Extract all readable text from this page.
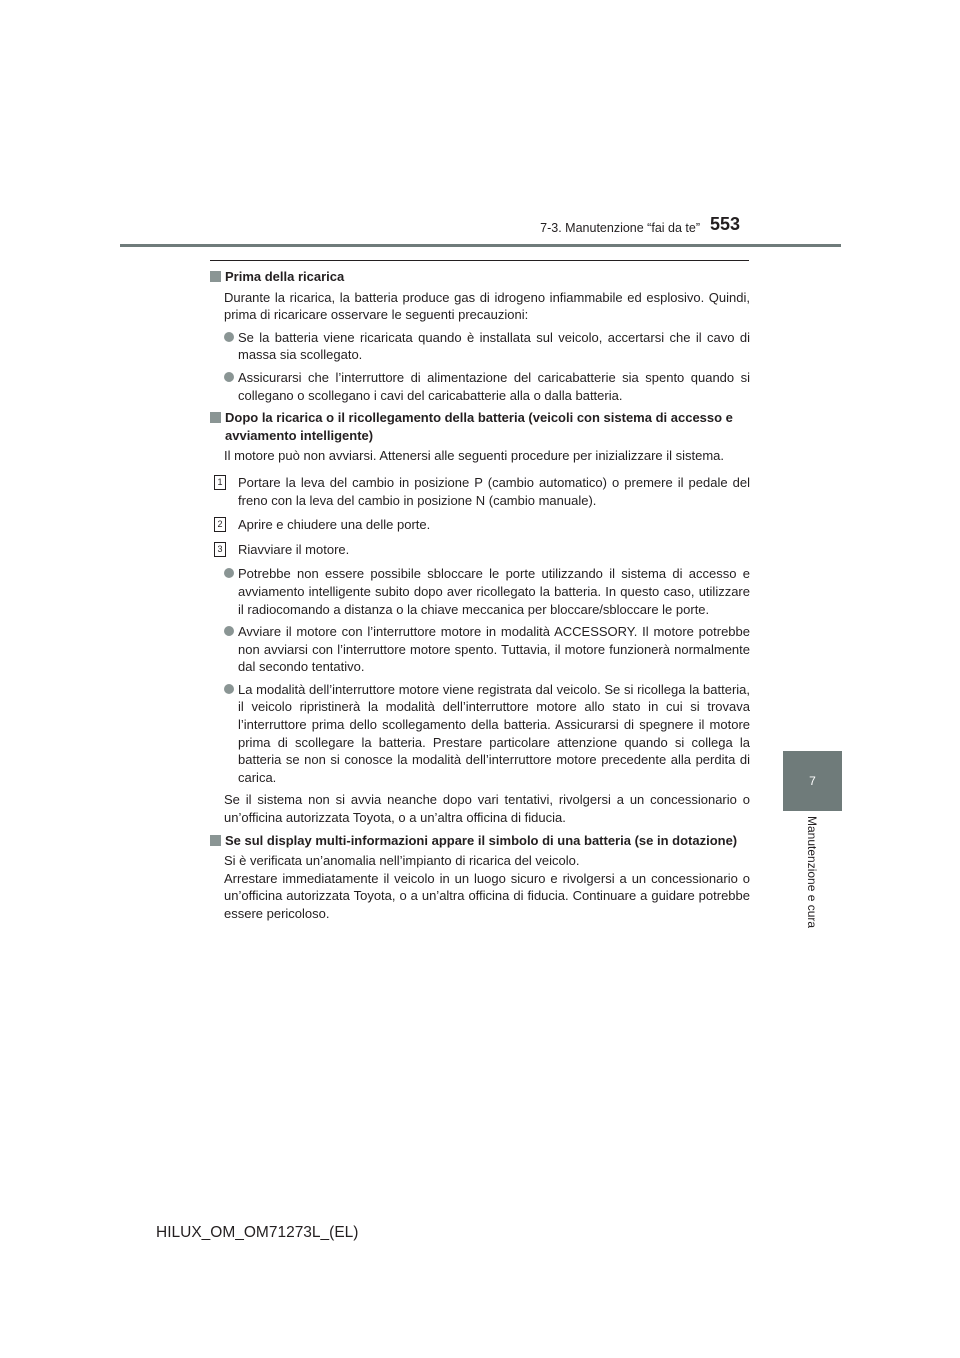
7-3. Manutenzione “fai da te” 553
7
Manutenzione e cura
Prima della ricarica
Durante la ricarica, la batteria produce gas di idrogeno infiammabile ed esplosivo. Quindi, prima di ricaricare osservare le seguenti precauzioni:
Se la batteria viene ricaricata quando è installata sul veicolo, accertarsi che il cavo di massa sia scollegato.
Assicurarsi che l’interruttore di alimentazione del caricabatterie sia spento quando si collegano o scollegano i cavi del caricabatterie alla o dalla batteria.
Dopo la ricarica o il ricollegamento della batteria (veicoli con sistema di accesso e avviamento intelligente)
Il motore può non avviarsi. Attenersi alle seguenti procedure per inizializzare il sistema.
1 Portare la leva del cambio in posizione P (cambio automatico) o premere il pedale del freno con la leva del cambio in posizione N (cambio manuale).
2 Aprire e chiudere una delle porte.
3 Riavviare il motore.
Potrebbe non essere possibile sbloccare le porte utilizzando il sistema di accesso e avviamento intelligente subito dopo aver ricollegato la batteria. In questo caso, utilizzare il radiocomando a distanza o la chiave meccanica per bloccare/sbloccare le porte.
Avviare il motore con l’interruttore motore in modalità ACCESSORY. Il motore potrebbe non avviarsi con l’interruttore motore spento. Tuttavia, il motore funzionerà normalmente dal secondo tentativo.
La modalità dell’interruttore motore viene registrata dal veicolo. Se si ricollega la batteria, il veicolo ripristinerà la modalità dell’interruttore motore allo stato in cui si trovava l’interruttore prima dello scollegamento della batteria. Assicurarsi di spegnere il motore prima di scollegare la batteria. Prestare particolare attenzione quando si collega la batteria se non si conosce la modalità dell’interruttore motore precedente alla perdita di carica.
Se il sistema non si avvia neanche dopo vari tentativi, rivolgersi a un concessionario o un’officina autorizzata Toyota, o a un’altra officina di fiducia.
Se sul display multi-informazioni appare il simbolo di una batteria (se in dotazione)
Si è verificata un’anomalia nell’impianto di ricarica del veicolo.
Arrestare immediatamente il veicolo in un luogo sicuro e rivolgersi a un concessionario o un’officina autorizzata Toyota, o a un’altra officina di fiducia. Continuare a guidare potrebbe essere pericoloso.
HILUX_OM_OM71273L_(EL)
